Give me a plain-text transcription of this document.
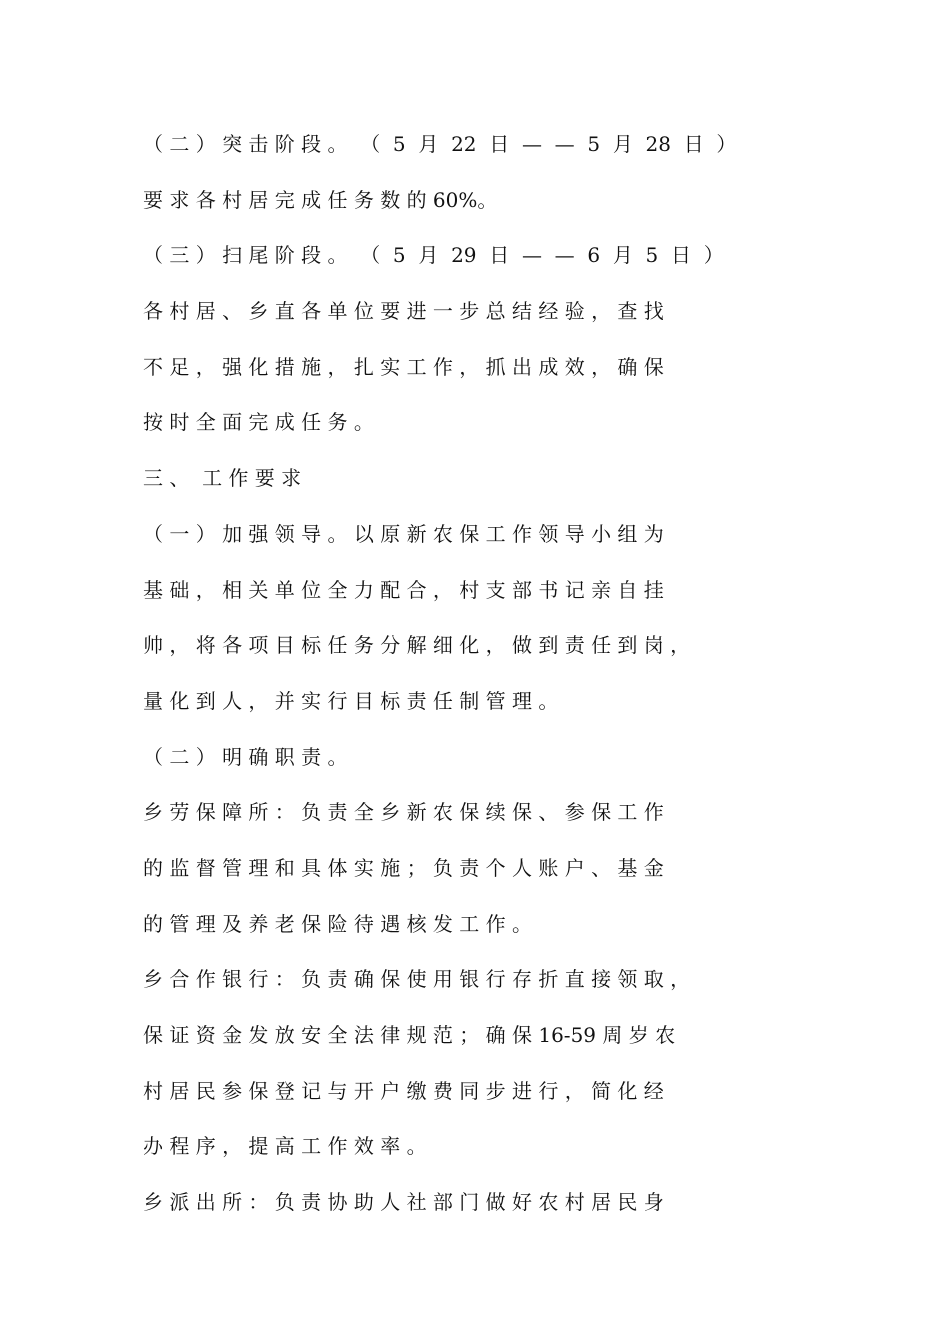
（ 二 ） 突 击 阶 段 。  （  5  月  22  日  —  —  5  月  28  日  ）
要 求 各 村 居 完 成 任 务 数 的 60%。
（ 三 ） 扫 尾 阶 段 。  （  5  月  29  日  —  —  6  月  5  日  ）
各 村 居 、 乡 直 各 单 位 要 进 一 步 总 结 经 验 ， 查 找
不 足 ， 强 化 措 施 ， 扎 实 工 作 ， 抓 出 成 效 ， 确 保
按 时 全 面 完 成 任 务 。
三 、  工 作 要 求
（ 一 ） 加 强 领 导 。 以 原 新 农 保 工 作 领 导 小 组 为
基 础 ， 相 关 单 位 全 力 配 合 ， 村 支 部 书 记 亲 自 挂
帅 ， 将 各 项 目 标 任 务 分 解 细 化 ， 做 到 责 任 到 岗 ，
量 化 到 人 ， 并 实 行 目 标 责 任 制 管 理 。
（ 二 ） 明 确 职 责 。
乡 劳 保 障 所 ： 负 责 全 乡 新 农 保 续 保 、 参 保 工 作
的 监 督 管 理 和 具 体 实 施 ； 负 责 个 人 账 户 、 基 金
的 管 理 及 养 老 保 险 待 遇 核 发 工 作 。
乡 合 作 银 行 ： 负 责 确 保 使 用 银 行 存 折 直 接 领 取 ，
保 证 资 金 发 放 安 全 法 律 规 范 ； 确 保 16-59 周 岁 农
村 居 民 参 保 登 记 与 开 户 缴 费 同 步 进 行 ， 简 化 经
办 程 序 ， 提 高 工 作 效 率 。
乡 派 出 所 ： 负 责 协 助 人 社 部 门 做 好 农 村 居 民 身
